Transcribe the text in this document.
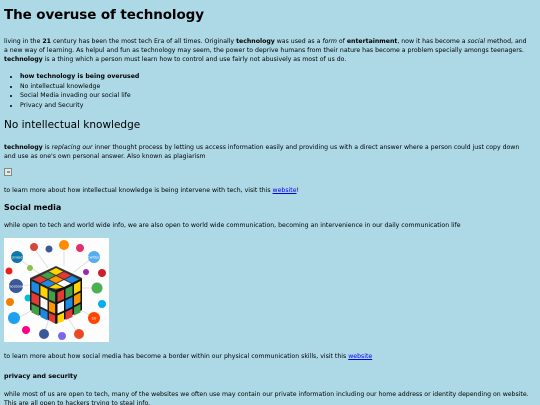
The overuse of technology

living in the 21 century has been the most tech Era of all times. Originally technology was used as a form of entertainment, now it has become a social method, and a new way of learning. As helpul and fun as technology may seem, the power to deprive humans from their nature has become a problem specially amongs teenagers.
technology is a thing which a person must learn how to control and use fairly not abusively as most of us do.

• how technology is being overused
• No intellectual knowledge
• Social Media invading our social life
• Privacy and Security
No intellectual knowledge

technology is replacing our inner thought process by letting us access information easily and providing us with a direct answer where a person could just copy down and use as one's own personal answer. Also known as plagiarism

to learn more about how intellectual knowledge is being intervene with tech, visit this website!

Social media

while open to tech and world wide info, we are also open to world wide communication, becoming an intervenience in our daily communication life

Linked	twitter
facebook
SU

to learn more about how social media has become a border within our physical communication skills, visit this website

privacy and security

while most of us are open to tech, many of the websites we often use may contain our private information including our home address or identity depending on website. This are all open to hackers trying to steal info.
